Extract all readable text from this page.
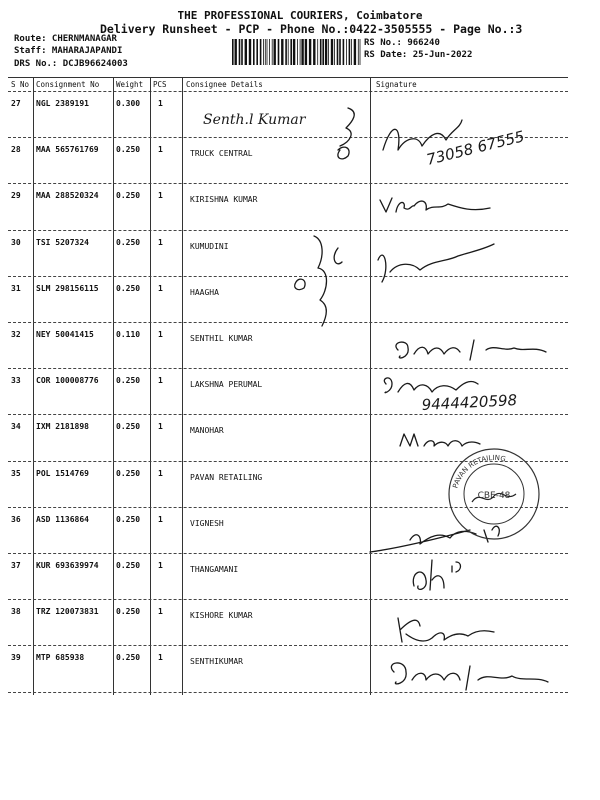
THE PROFESSIONAL COURIERS, Coimbatore
Delivery Runsheet - PCP - Phone No.:0422-3505555 - Page No.:3
Route: CHERNMANAGAR
Staff: MAHARAJAPANDI
DRS No.: DCJB96624003
RS No.: 966240
RS Date: 25-Jun-2022
S No Consignment No Weight PCS	Consignee Details	Signature
27 NGL 2389191	0.300 1
28 MAA 565761769 0.250 1	TRUCK CENTRAL
29 MAA 288520324 0.250 1	KIRISHNA KUMAR
30 TSI 5207324	0.250 1	KUMUDINI
31 SLM 298156115 0.250 1	HAAGHA
32 NEY 50041415	0.110 1	SENTHIL KUMAR
33 COR 100008776 0.250 1	LAKSHNA PERUMAL
34 IXM 2181898	0.250 1	MANOHAR
35 POL 1514769	0.250 1	PAVAN RETAILING
36 ASD 1136864	0.250 1	VIGNESH
37 KUR 693639974 0.250 1	THANGAMANI
38 TRZ 120073831 0.250 1	KISHORE KUMAR
39 MTP 685938	0.250 1	SENTHIKUMAR
Senth.l Kumar
73058 67555
9444420598
PAVAN RETAILING
CBE-48
